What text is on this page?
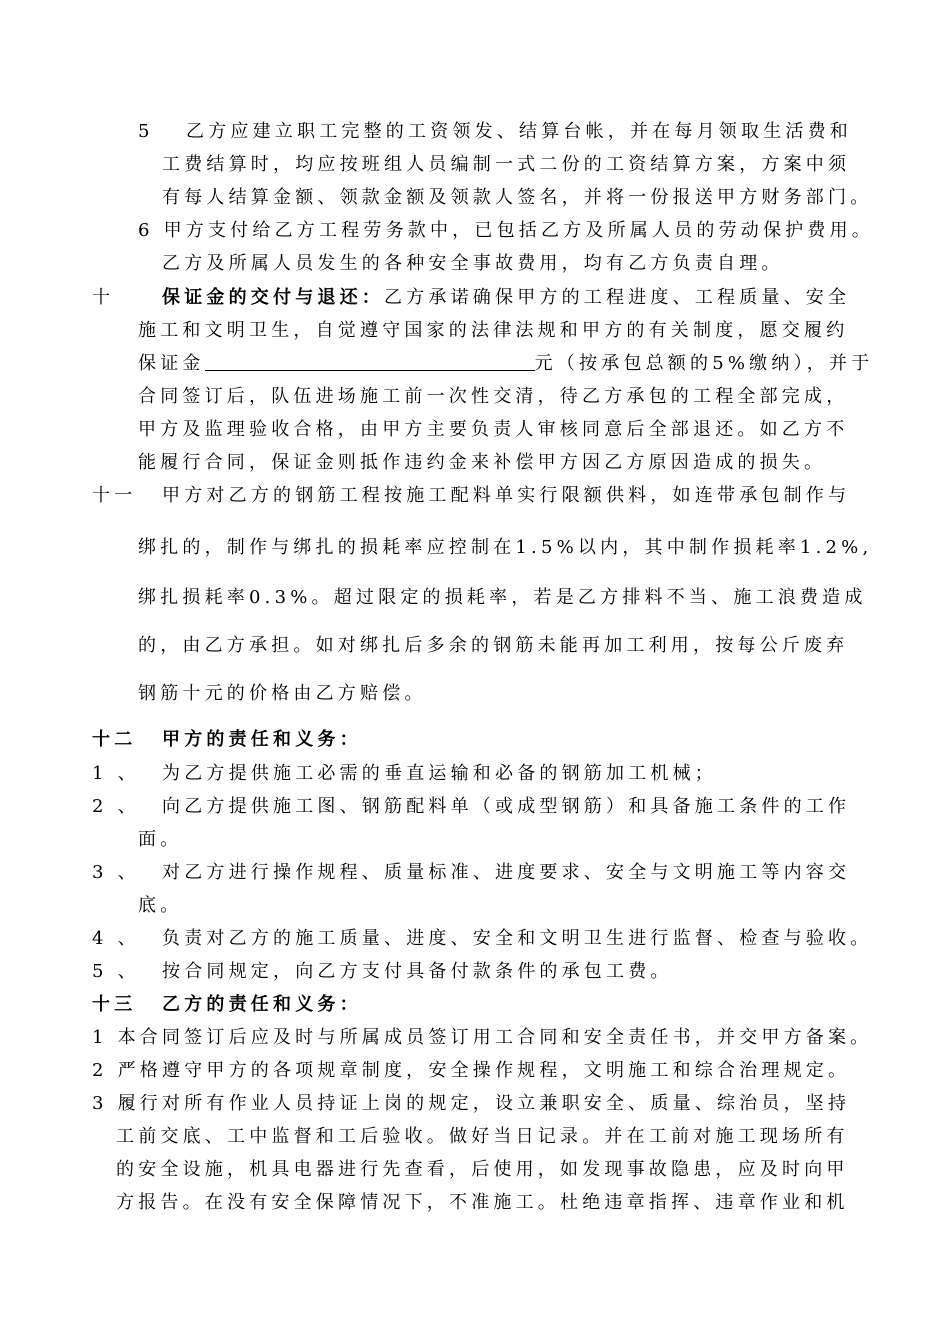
5 乙方应建立职工完整的工资领发、结算台帐，并在每月领取生活费和
工费结算时，均应按班组人员编制一式二份的工资结算方案，方案中须
有每人结算金额、领款金额及领款人签名，并将一份报送甲方财务部门。
6 甲方支付给乙方工程劳务款中，已包括乙方及所属人员的劳动保护费用。
乙方及所属人员发生的各种安全事故费用，均有乙方负责自理。
十	保证金的交付与退还：乙方承诺确保甲方的工程进度、工程质量、安全
施工和文明卫生，自觉遵守国家的法律法规和甲方的有关制度，愿交履约
保证金	元（按承包总额的5%缴纳），并于
合同签订后，队伍进场施工前一次性交清，待乙方承包的工程全部完成，
甲方及监理验收合格，由甲方主要负责人审核同意后全部退还。如乙方不
能履行合同，保证金则抵作违约金来补偿甲方因乙方原因造成的损失。
十一 甲方对乙方的钢筋工程按施工配料单实行限额供料，如连带承包制作与
绑扎的，制作与绑扎的损耗率应控制在1.5%以内，其中制作损耗率1.2%,
绑扎损耗率0.3%。超过限定的损耗率，若是乙方排料不当、施工浪费造成
的，由乙方承担。如对绑扎后多余的钢筋未能再加工利用，按每公斤废弃
钢筋十元的价格由乙方赔偿。
十二 甲方的责任和义务：
1 、 为乙方提供施工必需的垂直运输和必备的钢筋加工机械；
2 、 向乙方提供施工图、钢筋配料单（或成型钢筋）和具备施工条件的工作
面。
3 、 对乙方进行操作规程、质量标准、进度要求、安全与文明施工等内容交
底。
4 、 负责对乙方的施工质量、进度、安全和文明卫生进行监督、检查与验收。
5 、 按合同规定，向乙方支付具备付款条件的承包工费。
十三 乙方的责任和义务：
1 本合同签订后应及时与所属成员签订用工合同和安全责任书，并交甲方备案。
2 严格遵守甲方的各项规章制度，安全操作规程，文明施工和综合治理规定。
3 履行对所有作业人员持证上岗的规定，设立兼职安全、质量、综治员，坚持
工前交底、工中监督和工后验收。做好当日记录。并在工前对施工现场所有
的安全设施，机具电器进行先查看，后使用，如发现事故隐患，应及时向甲
方报告。在没有安全保障情况下，不准施工。杜绝违章指挥、违章作业和机
